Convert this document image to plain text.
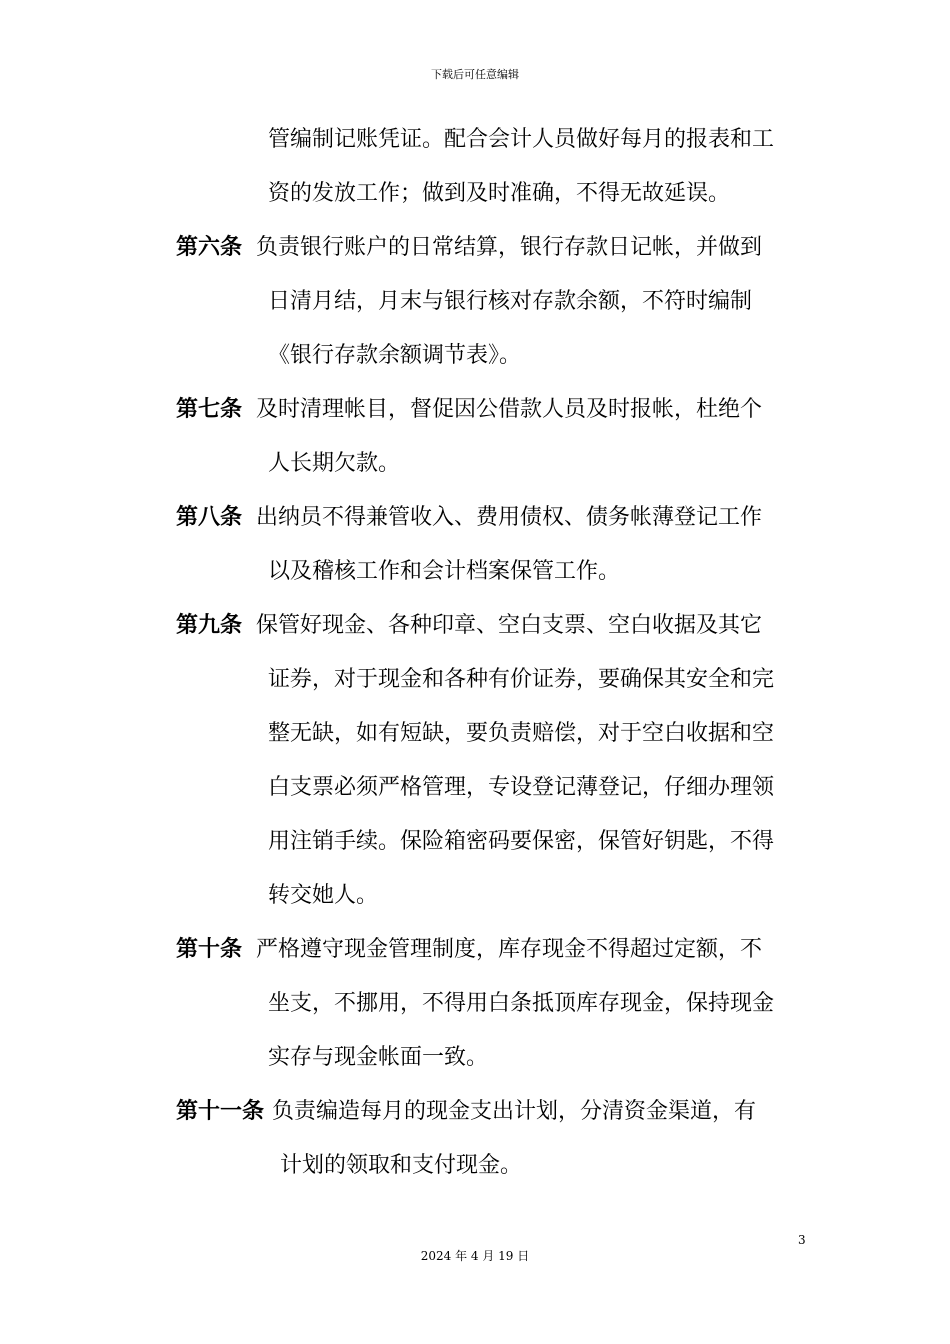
下载后可任意编辑
管编制记账凭证。配合会计人员做好每月的报表和工
资的发放工作；做到及时准确，不得无故延误。
第六条 负责银行账户的日常结算，银行存款日记帐，并做到
日清月结，月末与银行核对存款余额，不符时编制
《银行存款余额调节表》。
第七条 及时清理帐目，督促因公借款人员及时报帐，杜绝个
人长期欠款。
第八条 出纳员不得兼管收入、费用债权、债务帐薄登记工作
以及稽核工作和会计档案保管工作。
第九条 保管好现金、各种印章、空白支票、空白收据及其它
证券，对于现金和各种有价证券，要确保其安全和完
整无缺，如有短缺，要负责赔偿，对于空白收据和空
白支票必须严格管理，专设登记薄登记，仔细办理领
用注销手续。保险箱密码要保密，保管好钥匙，不得
转交她人。
第十条 严格遵守现金管理制度，库存现金不得超过定额，不
坐支，不挪用，不得用白条抵顶库存现金，保持现金
实存与现金帐面一致。
第十一条 负责编造每月的现金支出计划，分清资金渠道，有
计划的领取和支付现金。
3
2024 年 4 月 19 日
